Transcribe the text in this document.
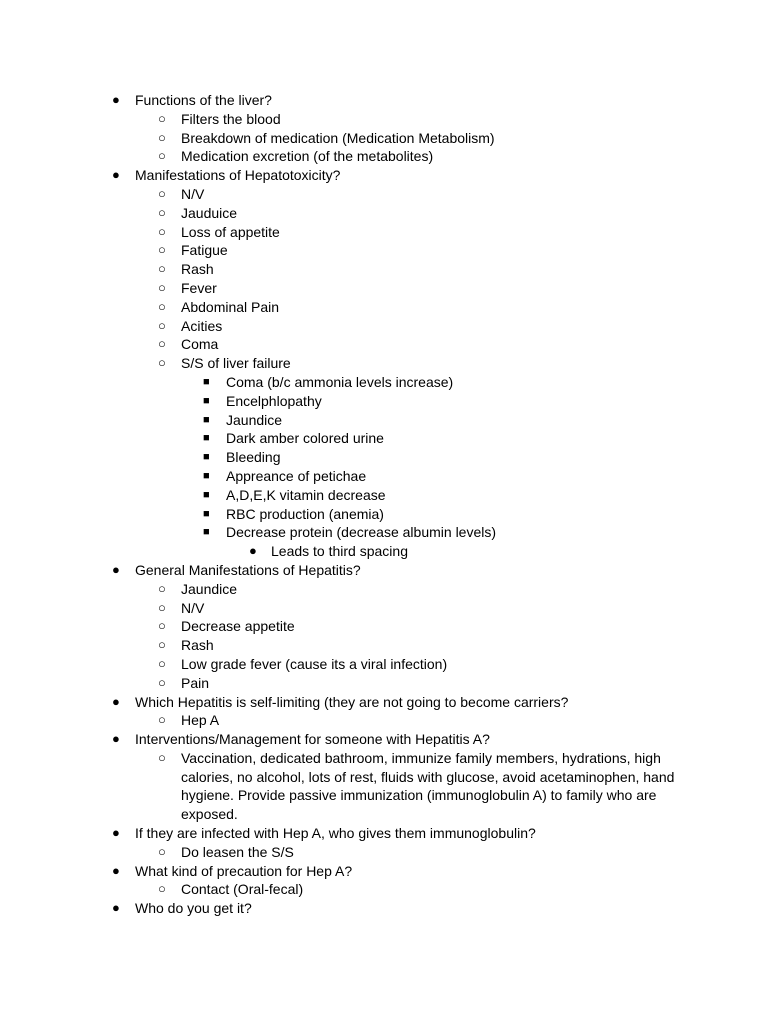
● Functions of the liver?
○ Filters the blood
○ Breakdown of medication (Medication Metabolism)
○ Medication excretion (of the metabolites)
● Manifestations of Hepatotoxicity?
○ N/V
○ Jauduice
○ Loss of appetite
○ Fatigue
○ Rash
○ Fever
○ Abdominal Pain
○ Acities
○ Coma
○ S/S of liver failure
■ Coma (b/c ammonia levels increase)
■ Encelphlopathy
■ Jaundice
■ Dark amber colored urine
■ Bleeding
■ Appreance of petichae
■ A,D,E,K vitamin decrease
■ RBC production (anemia)
■ Decrease protein (decrease albumin levels)
● Leads to third spacing
● General Manifestations of Hepatitis?
○ Jaundice
○ N/V
○ Decrease appetite
○ Rash
○ Low grade fever (cause its a viral infection)
○ Pain
● Which Hepatitis is self-limiting (they are not going to become carriers?
○ Hep A
● Interventions/Management for someone with Hepatitis A?
○ Vaccination, dedicated bathroom, immunize family members, hydrations, high calories, no alcohol, lots of rest, fluids with glucose, avoid acetaminophen, hand hygiene. Provide passive immunization (immunoglobulin A) to family who are exposed.
● If they are infected with Hep A, who gives them immunoglobulin?
○ Do leasen the S/S
● What kind of precaution for Hep A?
○ Contact (Oral-fecal)
● Who do you get it?
